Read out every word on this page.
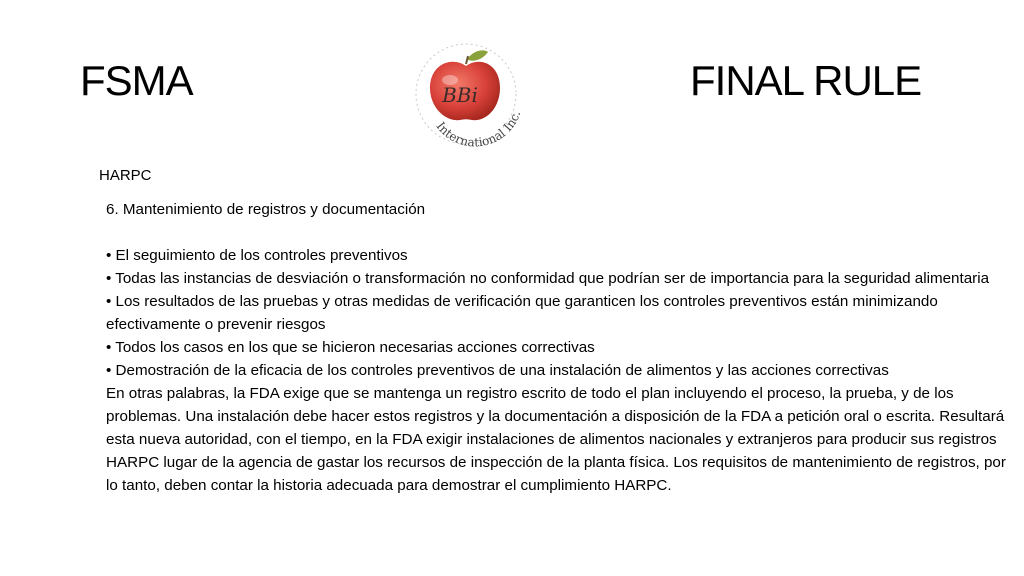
FSMA	BBi
International Inc.
FINAL RULE
HARPC

6. Mantenimiento de registros y documentación

• El seguimiento de los controles preventivos

• Todas las instancias de desviación o transformación no conformidad que podrían ser de importancia para la seguridad alimentaria

• Los resultados de las pruebas y otras medidas de verificación que garanticen los controles preventivos están minimizando efectivamente o prevenir riesgos

• Todos los casos en los que se hicieron necesarias acciones correctivas

• Demostración de la eficacia de los controles preventivos de una instalación de alimentos y las acciones correctivas

En otras palabras, la FDA exige que se mantenga un registro escrito de todo el plan incluyendo el proceso, la prueba, y de los problemas. Una instalación debe hacer estos registros y la documentación a disposición de la FDA a petición oral o escrita. Resultará esta nueva autoridad, con el tiempo, en la FDA exigir instalaciones de alimentos nacionales y extranjeros para producir sus registros HARPC lugar de la agencia de gastar los recursos de inspección de la planta física. Los requisitos de mantenimiento de registros, por lo tanto, deben contar la historia adecuada para demostrar el cumplimiento HARPC.
